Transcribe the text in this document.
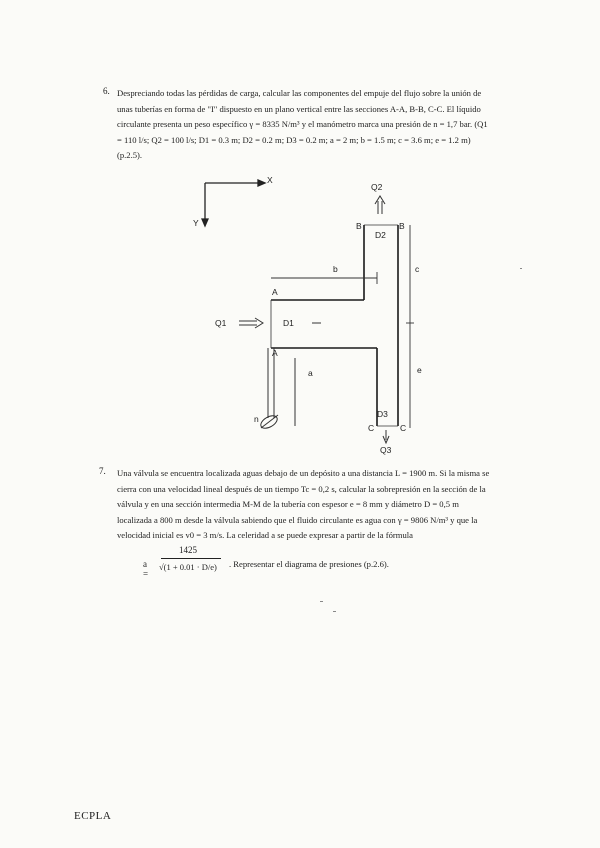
6. Despreciando todas las pérdidas de carga, calcular las componentes del empuje del flujo sobre la unión de
unas tuberías en forma de "I" dispuesto en un plano vertical entre las secciones A-A, B-B, C-C. El líquido
circulante presenta un peso específico γ = 8335 N/m³ y el manómetro marca una presión de n = 1,7 bar. (Q1
= 110 l/s; Q2 = 100 l/s; D1 = 0.3 m; D2 = 0.2 m; D3 = 0.2 m; a = 2 m; b = 1.5 m; c = 3.6 m; e = 1.2 m)
(p.2.5).
X
Y
Q2
B	B
D2
A
A
Q1	D1
b	c
e
n
a
D3
C	C
Q3
7. Una válvula se encuentra localizada aguas debajo de un depósito a una distancia L = 1900 m. Si la misma se
cierra con una velocidad lineal después de un tiempo Tc = 0,2 s, calcular la sobrepresión en la sección de la
válvula y en una sección intermedia M-M de la tubería con espesor e = 8 mm y diámetro D = 0,5 m
localizada a 800 m desde la válvula sabiendo que el fluido circulante es agua con γ = 9806 N/m³ y que la
velocidad inicial es v0 = 3 m/s. La celeridad a se puede expresar a partir de la fórmula
a =
1425
√(1 + 0.01 · D/e) . Representar el diagrama de presiones (p.2.6).
ECPLA
